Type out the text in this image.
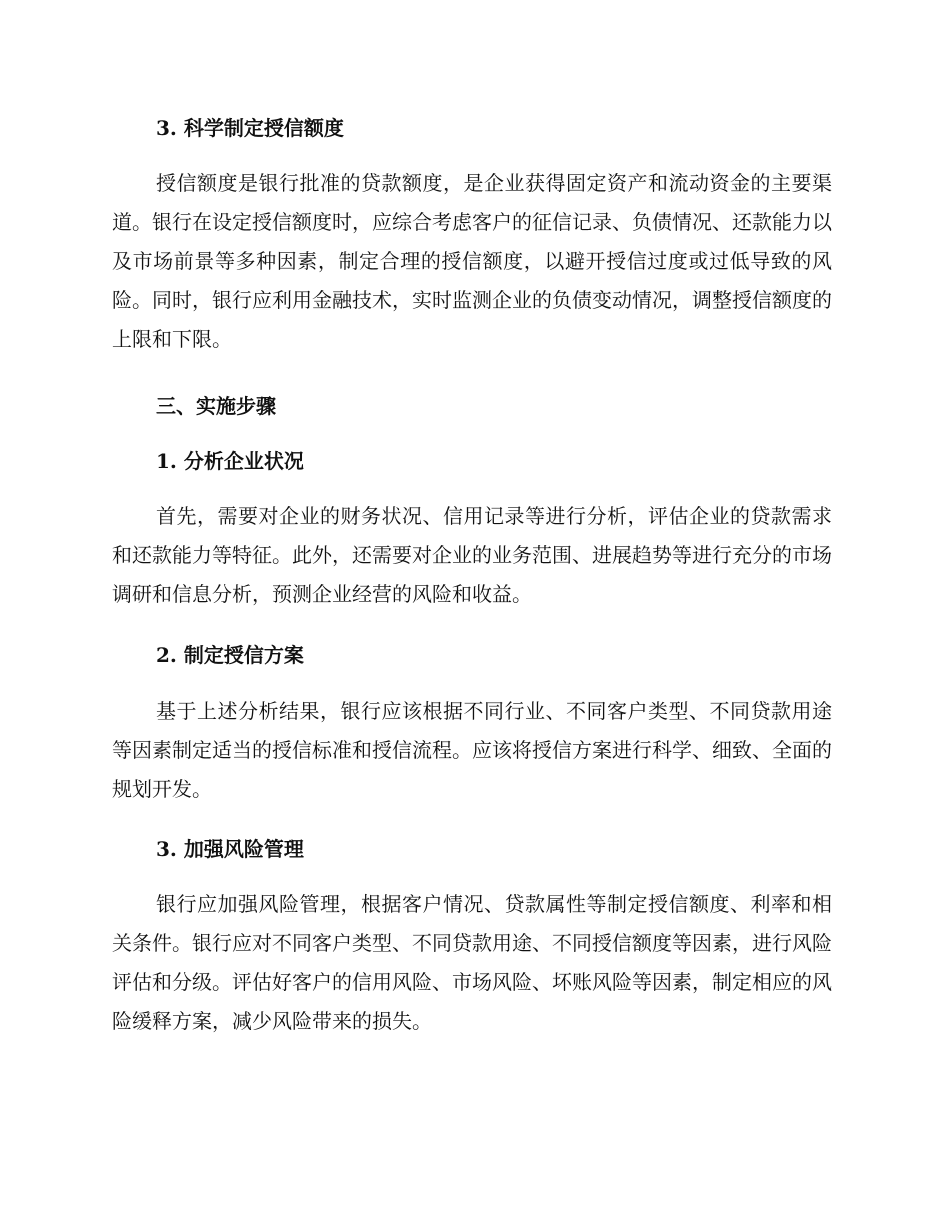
3. 科学制定授信额度

授信额度是银行批准的贷款额度，是企业获得固定资产和流动资金的主要渠道。银行在设定授信额度时，应综合考虑客户的征信记录、负债情况、还款能力以及市场前景等多种因素，制定合理的授信额度，以避开授信过度或过低导致的风险。同时，银行应利用金融技术，实时监测企业的负债变动情况，调整授信额度的上限和下限。

三、实施步骤
1. 分析企业状况

首先，需要对企业的财务状况、信用记录等进行分析，评估企业的贷款需求和还款能力等特征。此外，还需要对企业的业务范围、进展趋势等进行充分的市场调研和信息分析，预测企业经营的风险和收益。

2. 制定授信方案

基于上述分析结果，银行应该根据不同行业、不同客户类型、不同贷款用途等因素制定适当的授信标准和授信流程。应该将授信方案进行科学、细致、全面的规划开发。

3. 加强风险管理

银行应加强风险管理，根据客户情况、贷款属性等制定授信额度、利率和相关条件。银行应对不同客户类型、不同贷款用途、不同授信额度等因素，进行风险评估和分级。评估好客户的信用风险、市场风险、坏账风险等因素，制定相应的风险缓释方案，减少风险带来的损失。
